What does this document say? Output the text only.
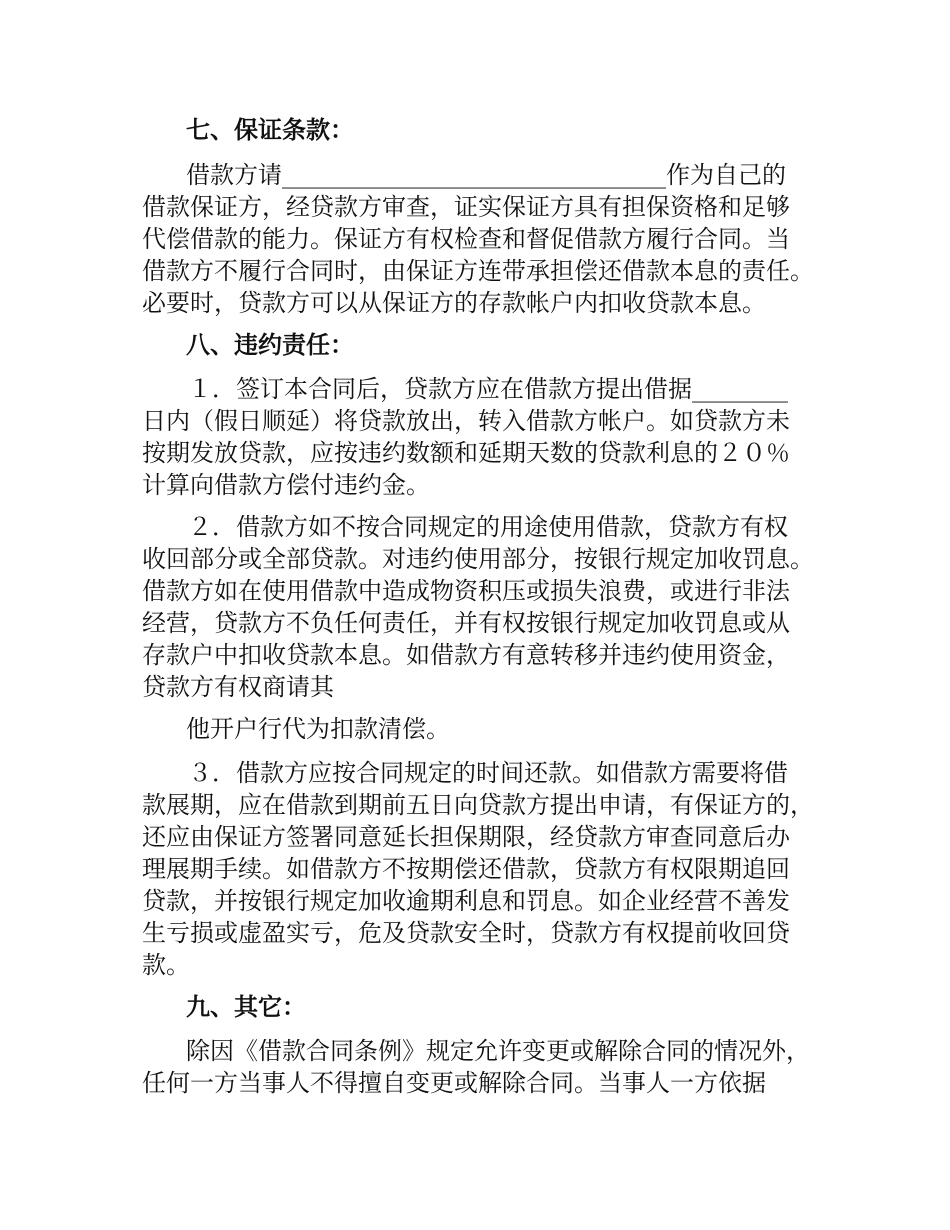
七、保证条款：
借款方请________________________________作为自己的
借款保证方，经贷款方审查，证实保证方具有担保资格和足够
代偿借款的能力。保证方有权检查和督促借款方履行合同。当
借款方不履行合同时，由保证方连带承担偿还借款本息的责任。
必要时，贷款方可以从保证方的存款帐户内扣收贷款本息。
八、违约责任：
１．签订本合同后，贷款方应在借款方提出借据________
日内（假日顺延）将贷款放出，转入借款方帐户。如贷款方未
按期发放贷款，应按违约数额和延期天数的贷款利息的２０％
计算向借款方偿付违约金。
２．借款方如不按合同规定的用途使用借款，贷款方有权
收回部分或全部贷款。对违约使用部分，按银行规定加收罚息。
借款方如在使用借款中造成物资积压或损失浪费，或进行非法
经营，贷款方不负任何责任，并有权按银行规定加收罚息或从
存款户中扣收贷款本息。如借款方有意转移并违约使用资金，
贷款方有权商请其
他开户行代为扣款清偿。
３．借款方应按合同规定的时间还款。如借款方需要将借
款展期，应在借款到期前五日向贷款方提出申请，有保证方的，
还应由保证方签署同意延长担保期限，经贷款方审查同意后办
理展期手续。如借款方不按期偿还借款，贷款方有权限期追回
贷款，并按银行规定加收逾期利息和罚息。如企业经营不善发
生亏损或虚盈实亏，危及贷款安全时，贷款方有权提前收回贷
款。
九、其它：
除因《借款合同条例》规定允许变更或解除合同的情况外，
任何一方当事人不得擅自变更或解除合同。当事人一方依据
